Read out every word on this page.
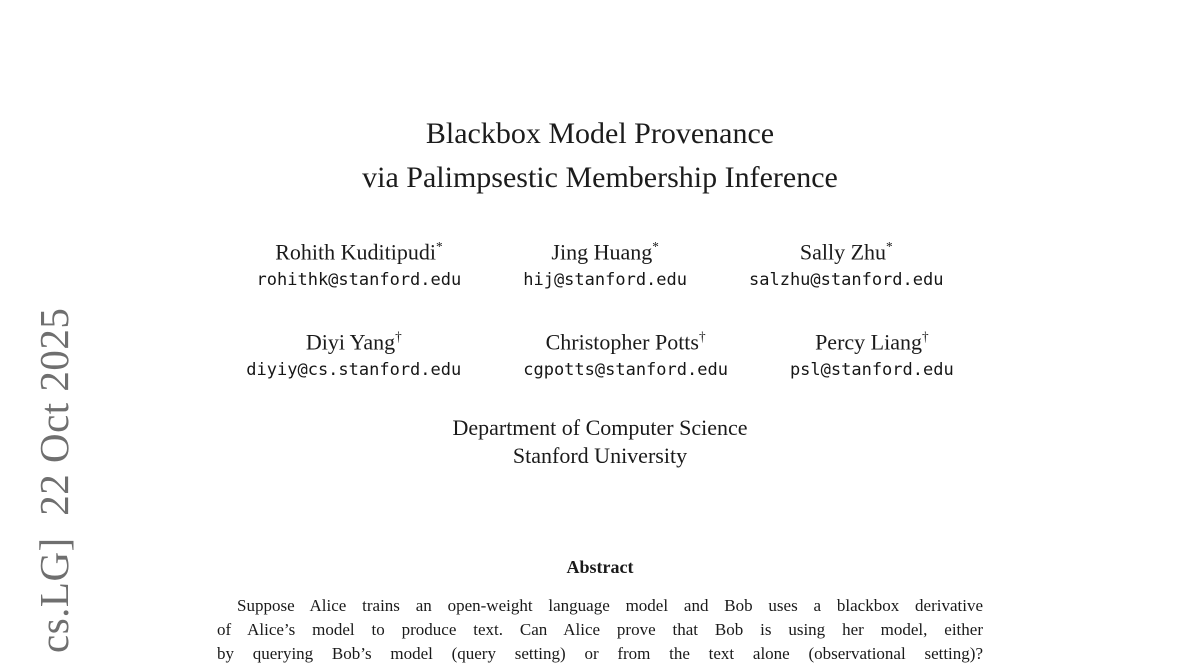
cs.LG]  22 Oct 2025
Blackbox Model Provenance
via Palimpsestic Membership Inference
Rohith Kuditipudi*
rohithk@stanford.edu
Jing Huang*
hij@stanford.edu
Sally Zhu*
salzhu@stanford.edu
Diyi Yang†
diyiy@cs.stanford.edu
Christopher Potts†
cgpotts@stanford.edu
Percy Liang†
psl@stanford.edu
Department of Computer Science
Stanford University
Abstract
Suppose Alice trains an open-weight language model and Bob uses a blackbox derivative
of Alice’s model to produce text. Can Alice prove that Bob is using her model, either
by querying Bob’s model (query setting) or from the text alone (observational setting)?
